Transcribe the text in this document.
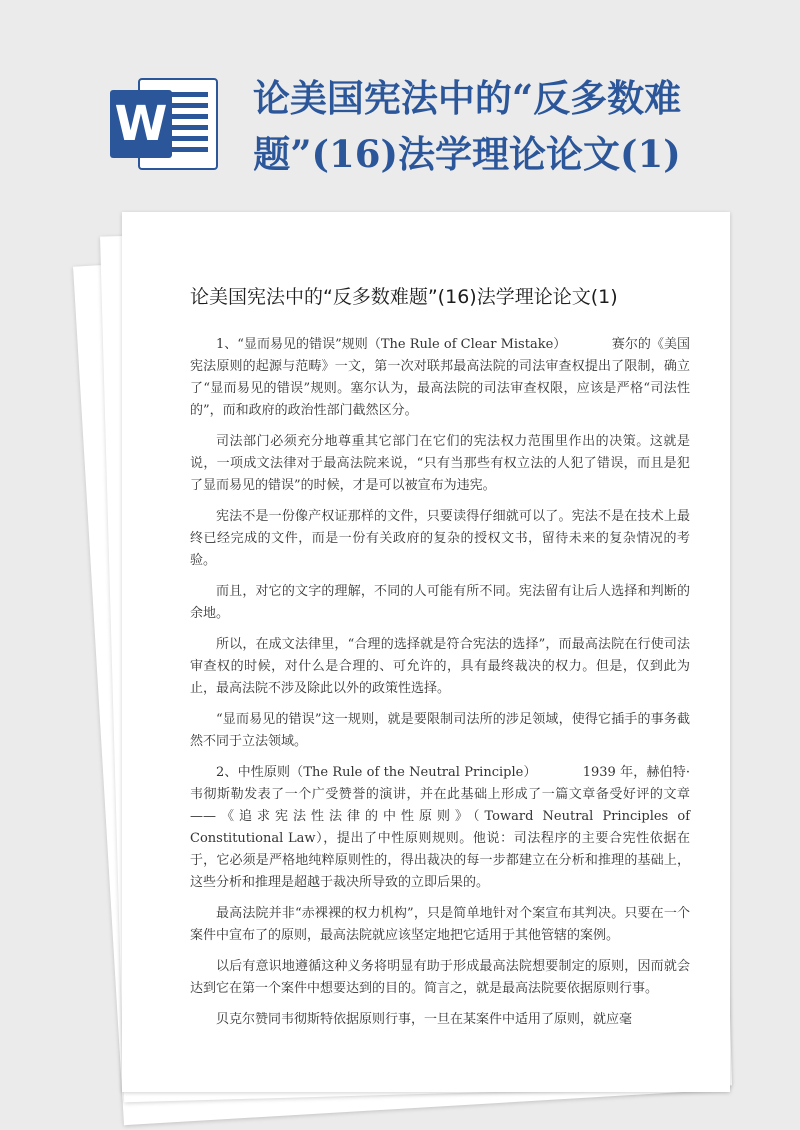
W	论美国宪法中的“反多数难题”(16)法学理论论文(1)
论美国宪法中的“反多数难题”(16)法学理论论文(1)

1、“显而易见的错误”规则（The Rule of Clear Mistake）　　　　赛尔的《美国宪法原则的起源与范畴》一文，第一次对联邦最高法院的司法审查权提出了限制，确立了“显而易见的错误”规则。塞尔认为，最高法院的司法审查权限，应该是严格“司法性的”，而和政府的政治性部门截然区分。

司法部门必须充分地尊重其它部门在它们的宪法权力范围里作出的决策。这就是说，一项成文法律对于最高法院来说，“只有当那些有权立法的人犯了错误，而且是犯了显而易见的错误”的时候，才是可以被宣布为违宪。

宪法不是一份像产权证那样的文件，只要读得仔细就可以了。宪法不是在技术上最终已经完成的文件，而是一份有关政府的复杂的授权文书，留待未来的复杂情况的考验。

而且，对它的文字的理解，不同的人可能有所不同。宪法留有让后人选择和判断的余地。

所以，在成文法律里，“合理的选择就是符合宪法的选择”，而最高法院在行使司法审查权的时候，对什么是合理的、可允许的，具有最终裁决的权力。但是，仅到此为止，最高法院不涉及除此以外的政策性选择。

“显而易见的错误”这一规则，就是要限制司法所的涉足领域，使得它插手的事务截然不同于立法领域。

2、中性原则（The Rule of the Neutral Principle）　　　　1939 年，赫伯特·韦彻斯勒发表了一个广受赞誉的演讲，并在此基础上形成了一篇文章备受好评的文章——《追求宪法性法律的中性原则》（Toward Neutral Principles of Constitutional Law），提出了中性原则规则。他说：司法程序的主要合宪性依据在于，它必须是严格地纯粹原则性的，得出裁决的每一步都建立在分析和推理的基础上，这些分析和推理是超越于裁决所导致的立即后果的。

最高法院并非“赤裸裸的权力机构”，只是简单地针对个案宣布其判决。只要在一个案件中宣布了的原则，最高法院就应该坚定地把它适用于其他管辖的案例。

以后有意识地遵循这种义务将明显有助于形成最高法院想要制定的原则，因而就会达到它在第一个案件中想要达到的目的。简言之，就是最高法院要依据原则行事。

贝克尔赞同韦彻斯特依据原则行事，一旦在某案件中适用了原则，就应毫
